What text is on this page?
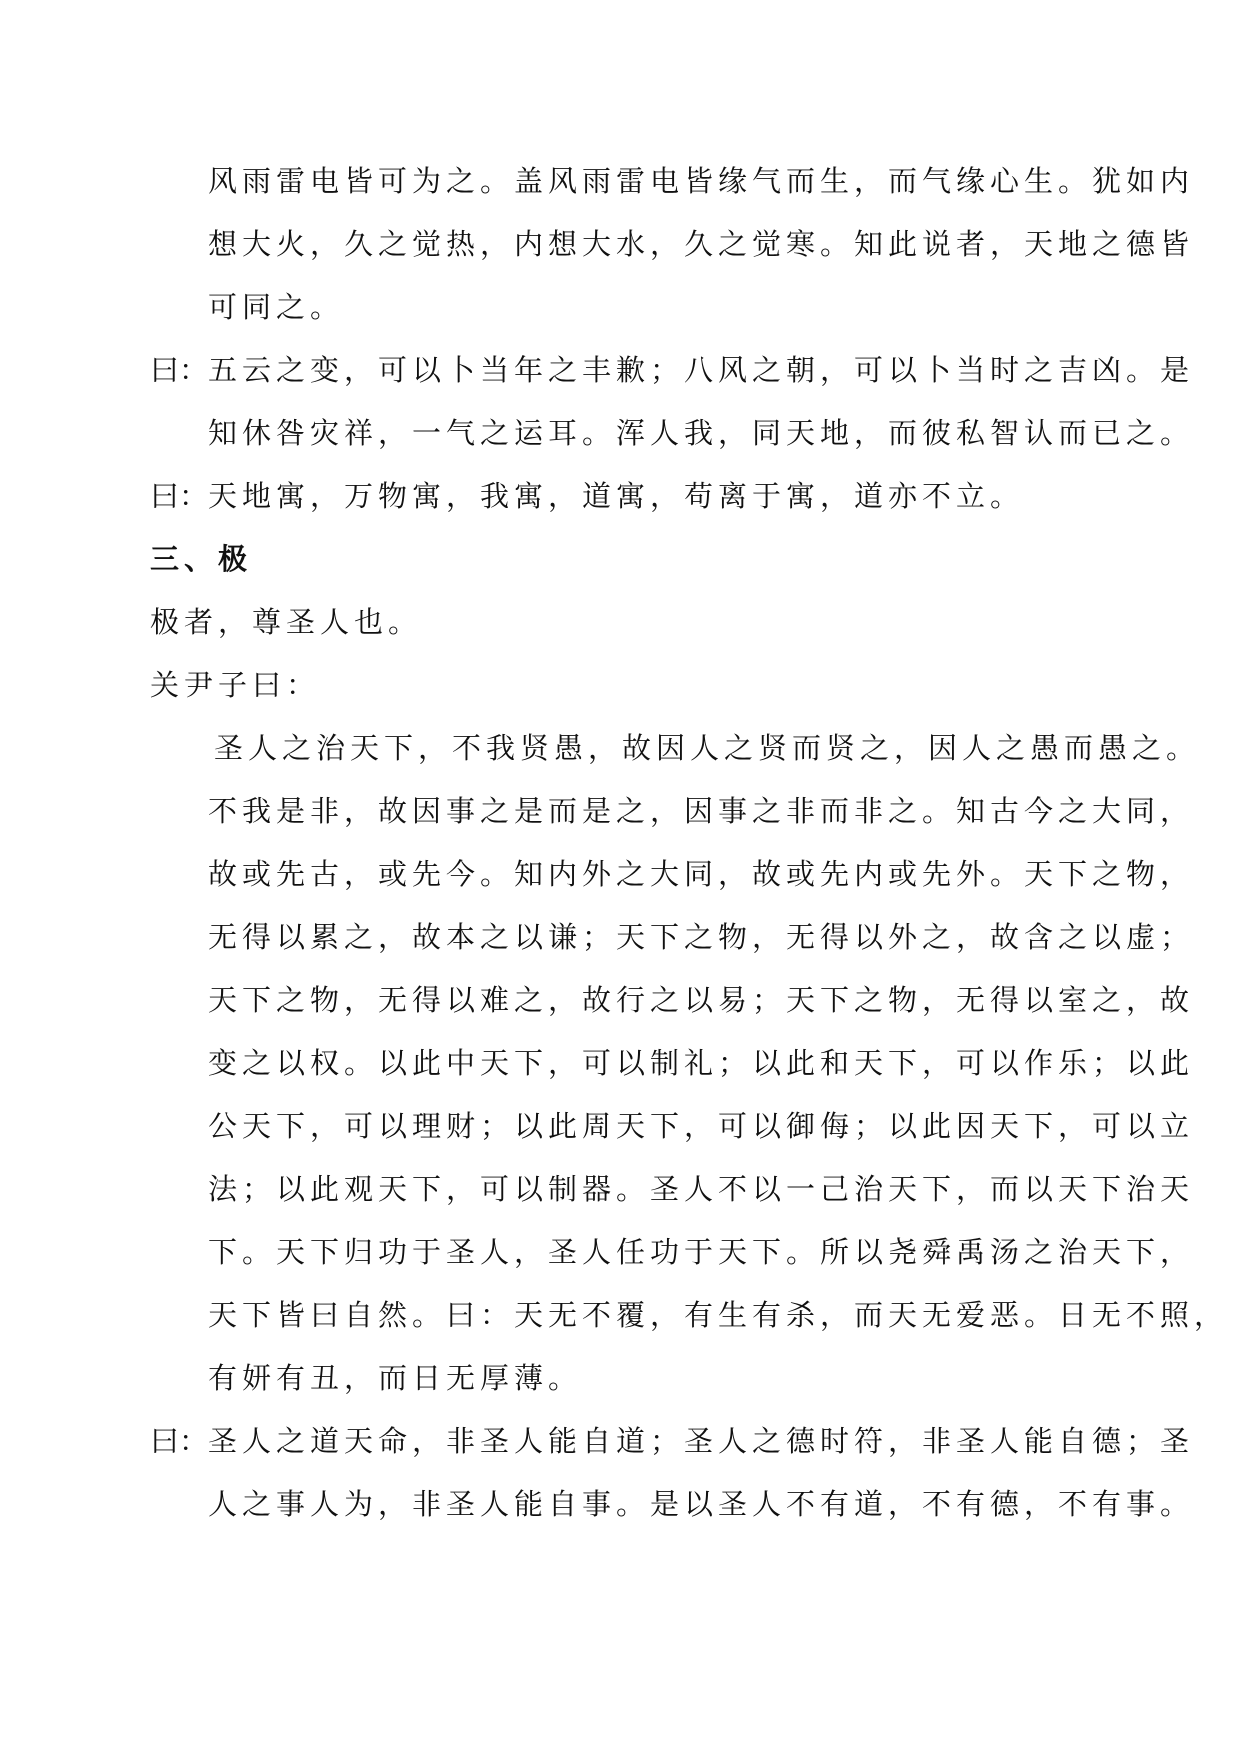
风雨雷电皆可为之。盖风雨雷电皆缘气而生，而气缘心生。犹如内
想大火，久之觉热，内想大水，久之觉寒。知此说者，天地之德皆
可同之。
曰：五云之变，可以卜当年之丰歉；八风之朝，可以卜当时之吉凶。是
知休咎灾祥，一气之运耳。浑人我，同天地，而彼私智认而已之。
曰：天地寓，万物寓，我寓，道寓，苟离于寓，道亦不立。
三、极
极者，尊圣人也。
关尹子曰：
圣人之治天下，不我贤愚，故因人之贤而贤之，因人之愚而愚之。
不我是非，故因事之是而是之，因事之非而非之。知古今之大同，
故或先古，或先今。知内外之大同，故或先内或先外。天下之物，
无得以累之，故本之以谦；天下之物，无得以外之，故含之以虚；
天下之物，无得以难之，故行之以易；天下之物，无得以室之，故
变之以权。以此中天下，可以制礼；以此和天下，可以作乐；以此
公天下，可以理财；以此周天下，可以御侮；以此因天下，可以立
法；以此观天下，可以制器。圣人不以一己治天下，而以天下治天
下。天下归功于圣人，圣人任功于天下。所以尧舜禹汤之治天下，
天下皆曰自然。曰：天无不覆，有生有杀，而天无爱恶。日无不照，
有妍有丑，而日无厚薄。
曰：圣人之道天命，非圣人能自道；圣人之德时符，非圣人能自德；圣
人之事人为，非圣人能自事。是以圣人不有道，不有德，不有事。
